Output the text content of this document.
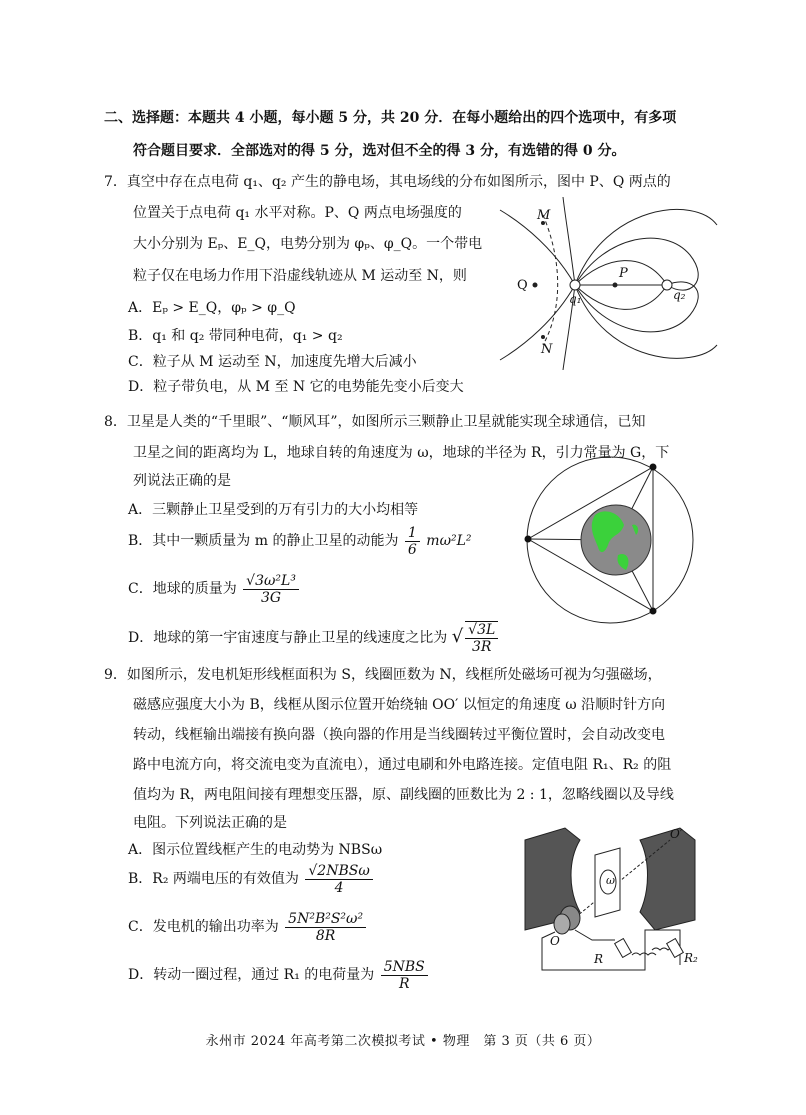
二、选择题：本题共 4 小题，每小题 5 分，共 20 分．在每小题给出的四个选项中，有多项
符合题目要求．全部选对的得 5 分，选对但不全的得 3 分，有选错的得 0 分。
7．真空中存在点电荷 q₁、q₂ 产生的静电场，其电场线的分布如图所示，图中 P、Q 两点的
位置关于点电荷 q₁ 水平对称。P、Q 两点电场强度的
大小分别为 Eₚ、E_Q，电势分别为 φₚ、φ_Q。一个带电
粒子仅在电场力作用下沿虚线轨迹从 M 运动至 N，则
A．Eₚ > E_Q，φₚ > φ_Q
B．q₁ 和 q₂ 带同种电荷，q₁ > q₂
C．粒子从 M 运动至 N，加速度先增大后减小
D．粒子带负电，从 M 至 N 它的电势能先变小后变大
M
N
P
Q
q₁	q₂
8．卫星是人类的“千里眼”、“顺风耳”，如图所示三颗静止卫星就能实现全球通信，已知
卫星之间的距离均为 L，地球自转的角速度为 ω，地球的半径为 R，引力常量为 G，下
列说法正确的是
A．三颗静止卫星受到的万有引力的大小均相等
B．其中一颗质量为 m 的静止卫星的动能为 $\frac{1}{6} m\omega^2L^2$
C．地球的质量为 $\frac{\text{√3ω²L³}}{3G}$
D．地球的第一宇宙速度与静止卫星的线速度之比为 √ $\frac{√3L}{3R}$
9．如图所示，发电机矩形线框面积为 S，线圈匝数为 N，线框所处磁场可视为匀强磁场，
磁感应强度大小为 B，线框从图示位置开始绕轴 OO′ 以恒定的角速度 ω 沿顺时针方向
转动，线框输出端接有换向器（换向器的作用是当线圈转过平衡位置时，会自动改变电
路中电流方向，将交流电变为直流电），通过电刷和外电路连接。定值电阻 R₁、R₂ 的阻
值均为 R，两电阻间接有理想变压器，原、副线圈的匝数比为 2 : 1，忽略线圈以及导线
电阻。下列说法正确的是
A．图示位置线框产生的电动势为 NBSω
B．R₂ 两端电压的有效值为 $\frac{\text{√2NBSω}}{4}$
C．发电机的输出功率为 $\frac{\text{5N²B²S²ω²}}{8R}$
D．转动一圈过程，通过 R₁ 的电荷量为 $\frac{\text{5NBS}}{R}$
O′
O
ω
R	R₂
永州市 2024 年高考第二次模拟考试 • 物理　第 3 页（共 6 页）
